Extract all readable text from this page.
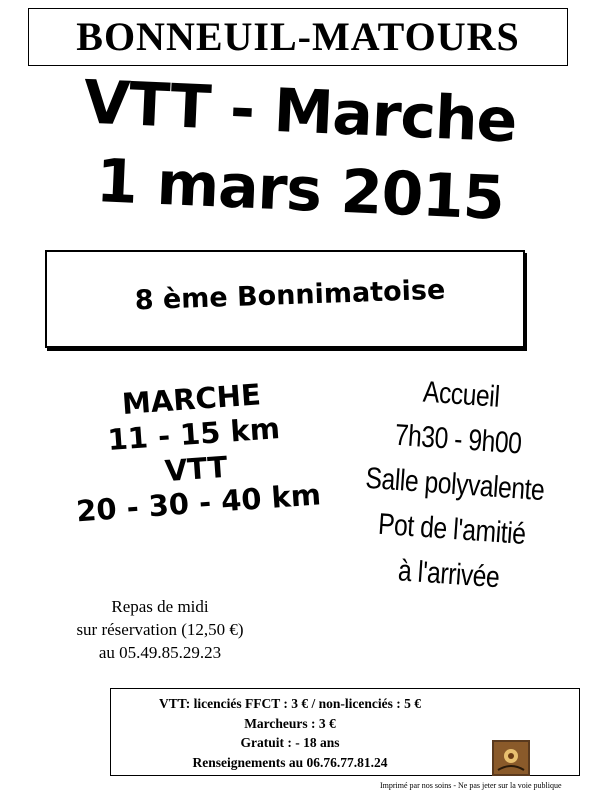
BONNEUIL-MATOURS
VTT - Marche
1 mars 2015
8 ème Bonnimatoise
MARCHE
11 - 15 km
VTT
20 - 30 - 40 km
Accueil
7h30 - 9h00
Salle polyvalente
Pot de l'amitié
à l'arrivée
Repas de midi
sur réservation (12,50 €)
au 05.49.85.29.23
VTT: licenciés FFCT : 3 € / non-licenciés : 5 €
Marcheurs : 3 €
Gratuit : - 18 ans
Renseignements au 06.76.77.81.24
Imprimé par nos soins - Ne pas jeter sur la voie publique
